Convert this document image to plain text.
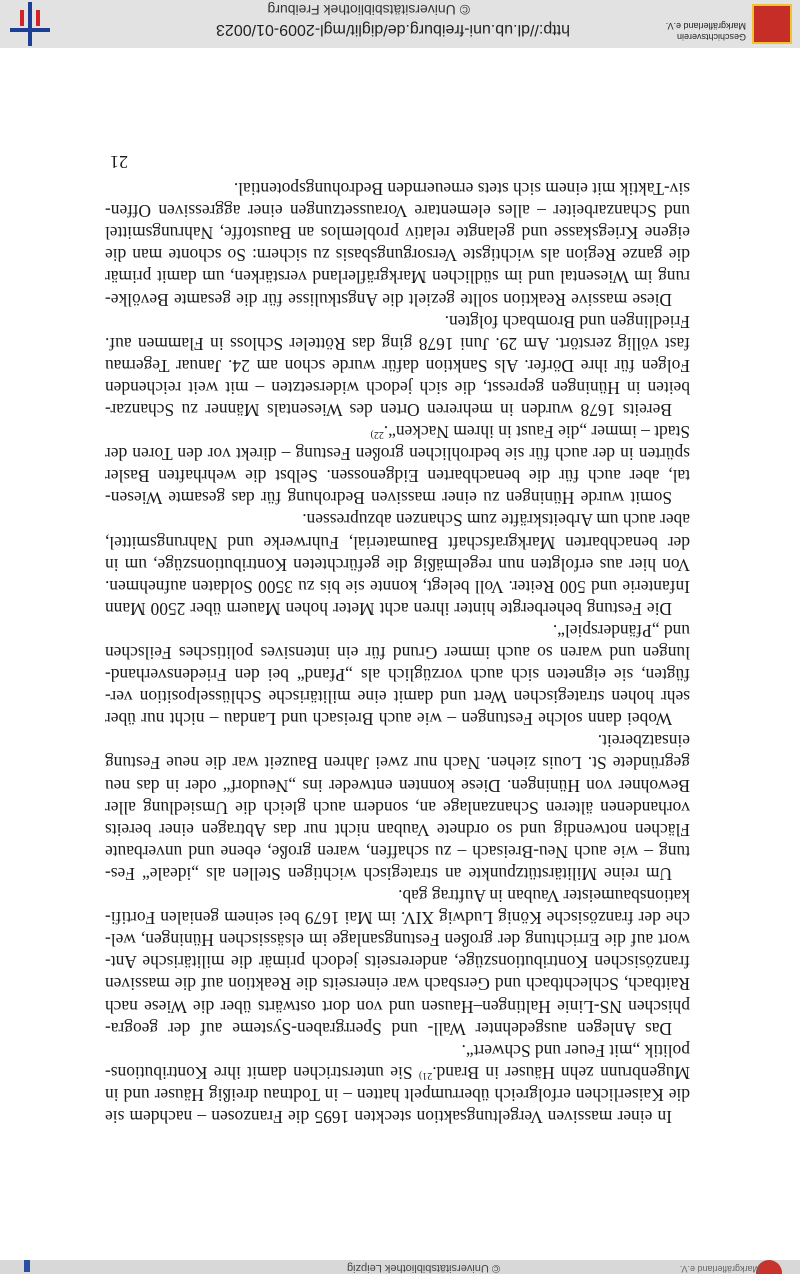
Markgräflerland e.V.
© Universitätsbibliothek Leipzig
In einer massiven Vergeltungsaktion steckten 1695 die Franzosen – nachdem sie
die Kaiserlichen erfolgreich überrumpelt hatten – in Todtnau dreißig Häuser und in
Mugenbrunn zehn Häuser in Brand.$^{21)}$ Sie unterstrichen damit ihre Kontributions-
politik „mit Feuer und Schwert“.
Das Anlegen ausgedehnter Wall- und Sperrgraben-Systeme auf der geogra-
phischen NS-Linie Haltingen–Hausen und von dort ostwärts über die Wiese nach
Raitbach, Schlechtbach und Gersbach war einerseits die Reaktion auf die massiven
französischen Kontributionszüge, andererseits jedoch primär die militärische Ant-
wort auf die Errichtung der großen Festungsanlage im elsässischen Hüningen, wel-
che der französische König Ludwig XIV. im Mai 1679 bei seinem genialen Fortifi-
kationsbaumeister Vauban in Auftrag gab.
Um reine Militärstützpunkte an strategisch wichtigen Stellen als „ideale“ Fes-
tung – wie auch Neu-Breisach – zu schaffen, waren große, ebene und unverbaute
Flächen notwendig und so ordnete Vauban nicht nur das Abtragen einer bereits
vorhandenen älteren Schanzanlage an, sondern auch gleich die Umsiedlung aller
Bewohner von Hüningen. Diese konnten entweder ins „Neudorf“ oder in das neu
gegründete St. Louis ziehen. Nach nur zwei Jahren Bauzeit war die neue Festung
einsatzbereit.
Wobei dann solche Festungen – wie auch Breisach und Landau – nicht nur über
sehr hohen strategischen Wert und damit eine militärische Schlüsselposition ver-
fügten, sie eigneten sich auch vorzüglich als „Pfand“ bei den Friedensverhand-
lungen und waren so auch immer Grund für ein intensives politisches Feilschen
und „Pfänderspiel“.
Die Festung beherbergte hinter ihren acht Meter hohen Mauern über 2500 Mann
Infanterie und 500 Reiter. Voll belegt, konnte sie bis zu 3500 Soldaten aufnehmen.
Von hier aus erfolgten nun regelmäßig die gefürchteten Kontributionszüge, um in
der benachbarten Markgrafschaft Baumaterial, Fuhrwerke und Nahrungsmittel,
aber auch um Arbeitskräfte zum Schanzen abzupressen.
Somit wurde Hüningen zu einer massiven Bedrohung für das gesamte Wiesen-
tal, aber auch für die benachbarten Eidgenossen. Selbst die wehrhaften Basler
spürten in der auch für sie bedrohlichen großen Festung – direkt vor den Toren der
Stadt – immer „die Faust in ihrem Nacken“.$^{22)}$
Bereits 1678 wurden in mehreren Orten des Wiesentals Männer zu Schanzar-
beiten in Hüningen gepresst, die sich jedoch widersetzten – mit weit reichenden
Folgen für ihre Dörfer. Als Sanktion dafür wurde schon am 24. Januar Tegernau
fast völlig zerstört. Am 29. Juni 1678 ging das Rötteler Schloss in Flammen auf.
Friedlingen und Brombach folgten.
Diese massive Reaktion sollte gezielt die Angstkulisse für die gesamte Bevölke-
rung im Wiesental und im südlichen Markgräflerland verstärken, um damit primär
die ganze Region als wichtigste Versorgungsbasis zu sichern: So schonte man die
eigene Kriegskasse und gelangte relativ problemlos an Baustoffe, Nahrungsmittel
und Schanzarbeiter – alles elementare Voraussetzungen einer aggressiven Offen-
siv-Taktik mit einem sich stets erneuernden Bedrohungspotential.
21
Geschichtsverein
Markgräflerland e.V.
http://dl.ub.uni-freiburg.de/diglit/mgl-2009-01/0023
© Universitätsbibliothek Freiburg
